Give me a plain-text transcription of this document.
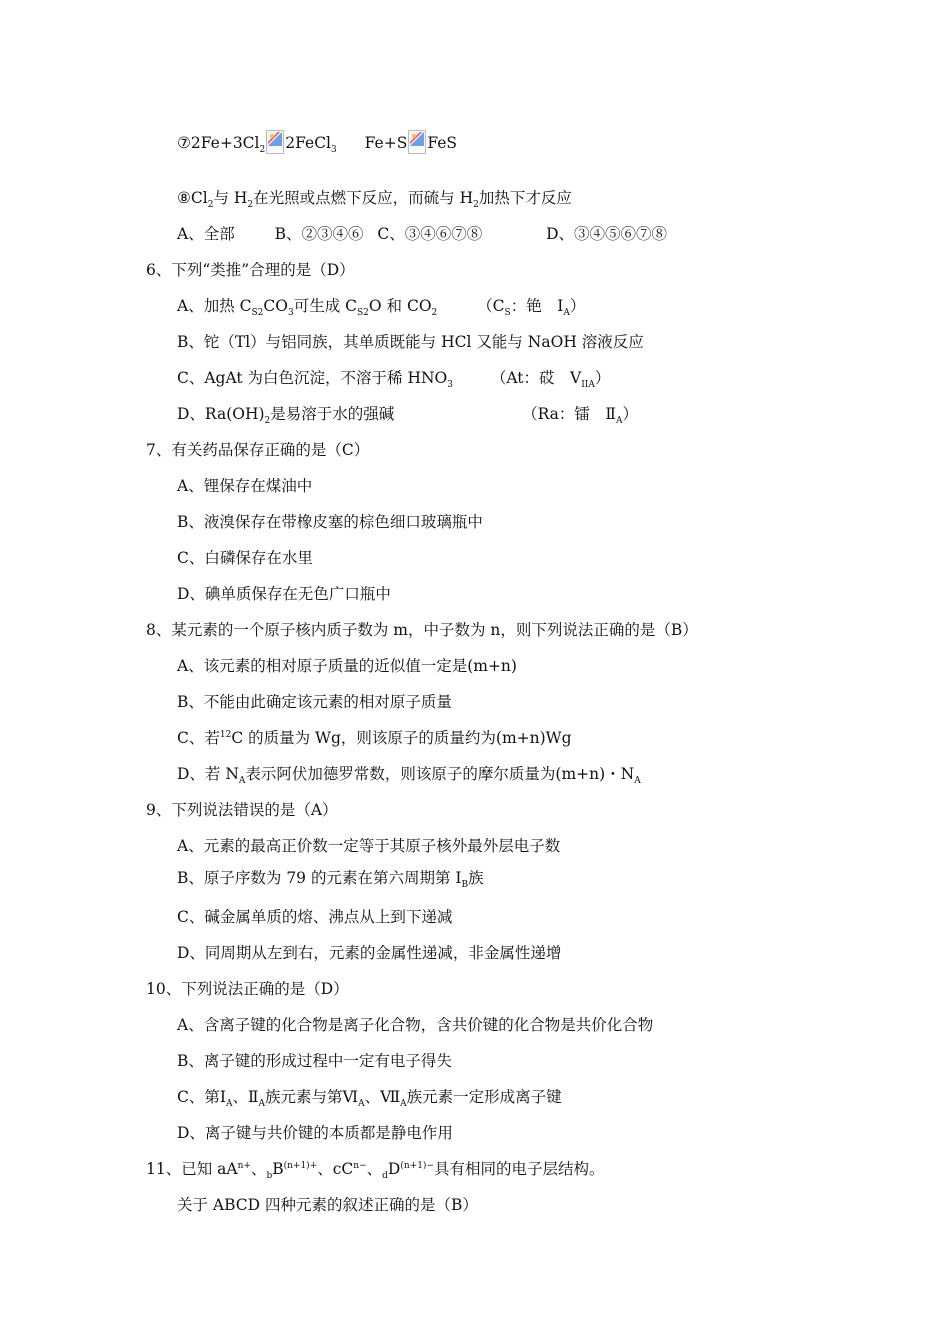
$⑦2Fe+3Cl_2$ 2FeCl$_3$ Fe+S FeS
$⑧Cl_2$与 $H_2$在光照或点燃下反应，而硫与 $H_2$加热下才反应
A、全部	B、②③④⑥ C、③④⑥⑦⑧	D、③④⑤⑥⑦⑧
6、下列“类推”合理的是（D）
A、加热 $C_{S2}CO_3$可生成 $C_{S2}O$ 和 $CO_2$	（$C_S$：铯　$I_A$）
B、铊（Tl）与铝同族，其单质既能与 HCl 又能与 NaOH 溶液反应
C、AgAt 为白色沉淀，不溶于稀 $HNO_3$ （At：砹　$V_{IIA}$）
D、$Ra(OH)_2$是易溶于水的强碱	（Ra：镭　$Ⅱ_A$）
7、有关药品保存正确的是（C）
A、锂保存在煤油中
B、液溴保存在带橡皮塞的棕色细口玻璃瓶中
C、白磷保存在水里
D、碘单质保存在无色广口瓶中
8、某元素的一个原子核内质子数为 m，中子数为 n，则下列说法正确的是（B）
A、该元素的相对原子质量的近似值一定是(m+n)
B、不能由此确定该元素的相对原子质量
C、若$^{12}$C 的质量为 Wg，则该原子的质量约为(m+n)Wg
D、若 $N_A$表示阿伏加德罗常数，则该原子的摩尔质量为(m+n)・$N_A$
9、下列说法错误的是（A）
A、元素的最高正价数一定等于其原子核外最外层电子数
B、原子序数为 79 的元素在第六周期第 $I_B$族
C、碱金属单质的熔、沸点从上到下递减
D、同周期从左到右，元素的金属性递减，非金属性递增
10、下列说法正确的是（D）
A、含离子键的化合物是离子化合物，含共价键的化合物是共价化合物
B、离子键的形成过程中一定有电子得失
C、第$Ⅰ_A$、$Ⅱ_A$族元素与第$Ⅵ_A$、$Ⅶ_A$族元素一定形成离子键
D、离子键与共价键的本质都是静电作用
11、已知 $aA^{n+}$、$_bB^{(n+1)+}$、$cC^{n-}$、$_dD^{(n+1)-}$具有相同的电子层结构。
关于 ABCD 四种元素的叙述正确的是（B）
